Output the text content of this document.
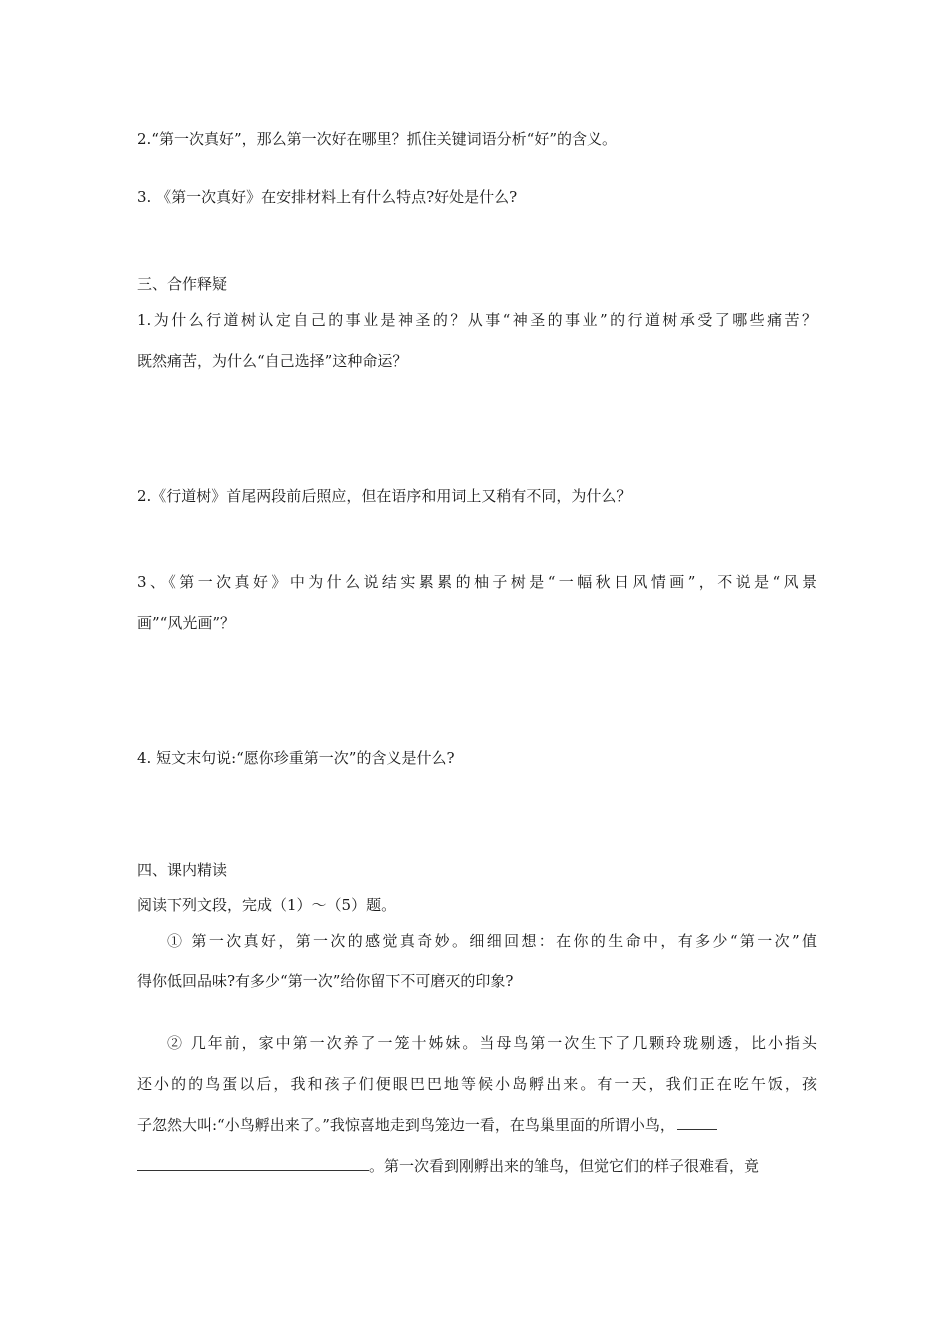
2.“第一次真好”，那么第一次好在哪里？抓住关键词语分析“好”的含义。
3. 《第一次真好》在安排材料上有什么特点?好处是什么?
三、合作释疑
1.为什么行道树认定自己的事业是神圣的？从事“神圣的事业”的行道树承受了哪些痛苦？
既然痛苦，为什么“自己选择”这种命运？
2.《行道树》首尾两段前后照应，但在语序和用词上又稍有不同，为什么？
3、《第一次真好》中为什么说结实累累的柚子树是“一幅秋日风情画”，不说是“风景
画”“风光画”？
4. 短文末句说:“愿你珍重第一次”的含义是什么?
四、课内精读
阅读下列文段，完成（1）～（5）题。
① 第一次真好，第一次的感觉真奇妙。细细回想：在你的生命中，有多少“第一次”值
得你低回品味?有多少“第一次”给你留下不可磨灭的印象?
② 几年前，家中第一次养了一笼十姊妹。当母鸟第一次生下了几颗玲珑剔透，比小指头
还小的的鸟蛋以后，我和孩子们便眼巴巴地等候小岛孵出来。有一天，我们正在吃午饭，孩
子忽然大叫:“小鸟孵出来了。”我惊喜地走到鸟笼边一看，在鸟巢里面的所谓小鸟，
。第一次看到刚孵出来的雏鸟，但觉它们的样子很难看，竟
